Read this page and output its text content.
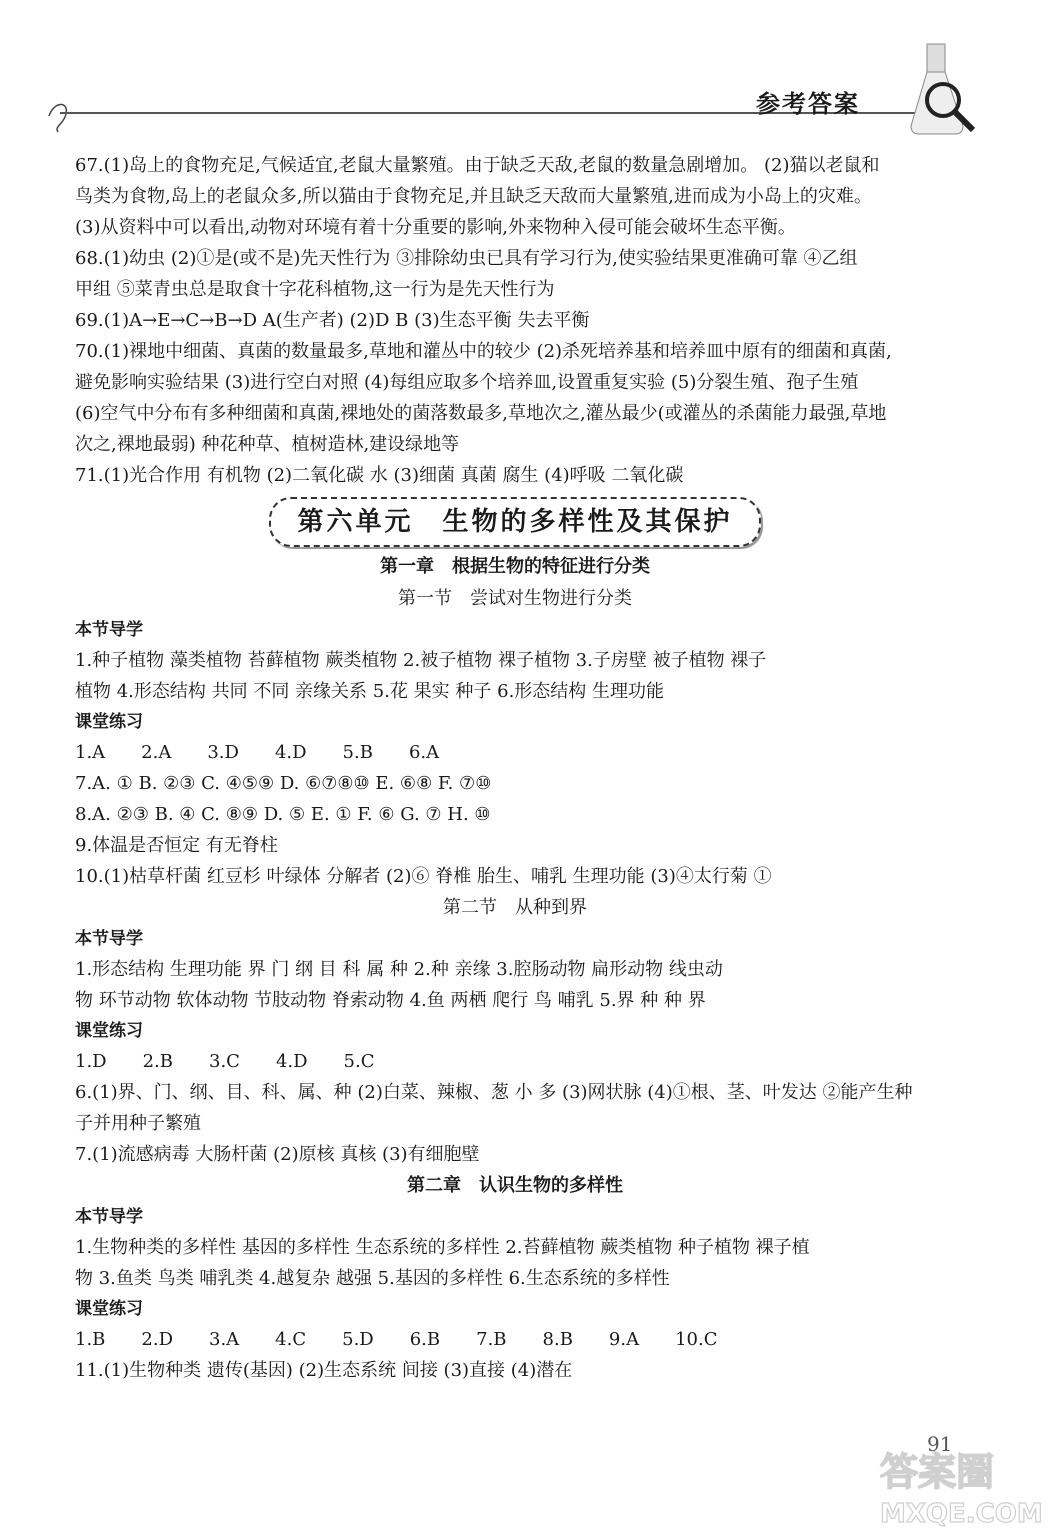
参考答案
67.(1)岛上的食物充足,气候适宜,老鼠大量繁殖。由于缺乏天敌,老鼠的数量急剧增加。 (2)猫以老鼠和
鸟类为食物,岛上的老鼠众多,所以猫由于食物充足,并且缺乏天敌而大量繁殖,进而成为小岛上的灾难。
(3)从资料中可以看出,动物对环境有着十分重要的影响,外来物种入侵可能会破坏生态平衡。
68.(1)幼虫 (2)①是(或不是)先天性行为 ③排除幼虫已具有学习行为,使实验结果更准确可靠 ④乙组
甲组 ⑤菜青虫总是取食十字花科植物,这一行为是先天性行为
69.(1)A→E→C→B→D A(生产者) (2)D B (3)生态平衡 失去平衡
70.(1)裸地中细菌、真菌的数量最多,草地和灌丛中的较少 (2)杀死培养基和培养皿中原有的细菌和真菌,
避免影响实验结果 (3)进行空白对照 (4)每组应取多个培养皿,设置重复实验 (5)分裂生殖、孢子生殖
(6)空气中分布有多种细菌和真菌,裸地处的菌落数最多,草地次之,灌丛最少(或灌丛的杀菌能力最强,草地
次之,裸地最弱) 种花种草、植树造林,建设绿地等
71.(1)光合作用 有机物 (2)二氧化碳 水 (3)细菌 真菌 腐生 (4)呼吸 二氧化碳
第六单元　生物的多样性及其保护
第一章　根据生物的特征进行分类
第一节　尝试对生物进行分类
本节导学
1.种子植物 藻类植物 苔藓植物 蕨类植物 2.被子植物 裸子植物 3.子房壁 被子植物 裸子
植物 4.形态结构 共同 不同 亲缘关系 5.花 果实 种子 6.形态结构 生理功能
课堂练习
1.A　　2.A　　3.D　　4.D　　5.B　　6.A
7.A. ① B. ②③ C. ④⑤⑨ D. ⑥⑦⑧⑩ E. ⑥⑧ F. ⑦⑩
8.A. ②③ B. ④ C. ⑧⑨ D. ⑤ E. ① F. ⑥ G. ⑦ H. ⑩
9.体温是否恒定 有无脊柱
10.(1)枯草杆菌 红豆杉 叶绿体 分解者 (2)⑥ 脊椎 胎生、哺乳 生理功能 (3)④太行菊 ①
第二节　从种到界
本节导学
1.形态结构 生理功能 界 门 纲 目 科 属 种 2.种 亲缘 3.腔肠动物 扁形动物 线虫动
物 环节动物 软体动物 节肢动物 脊索动物 4.鱼 两栖 爬行 鸟 哺乳 5.界 种 种 界
课堂练习
1.D　　2.B　　3.C　　4.D　　5.C
6.(1)界、门、纲、目、科、属、种 (2)白菜、辣椒、葱 小 多 (3)网状脉 (4)①根、茎、叶发达 ②能产生种
子并用种子繁殖
7.(1)流感病毒 大肠杆菌 (2)原核 真核 (3)有细胞壁
第二章　认识生物的多样性
本节导学
1.生物种类的多样性 基因的多样性 生态系统的多样性 2.苔藓植物 蕨类植物 种子植物 裸子植
物 3.鱼类 鸟类 哺乳类 4.越复杂 越强 5.基因的多样性 6.生态系统的多样性
课堂练习
1.B　　2.D　　3.A　　4.C　　5.D　　6.B　　7.B　　8.B　　9.A　　10.C
11.(1)生物种类 遗传(基因) (2)生态系统 间接 (3)直接 (4)潜在
答案圈
MXQE.COM
91
